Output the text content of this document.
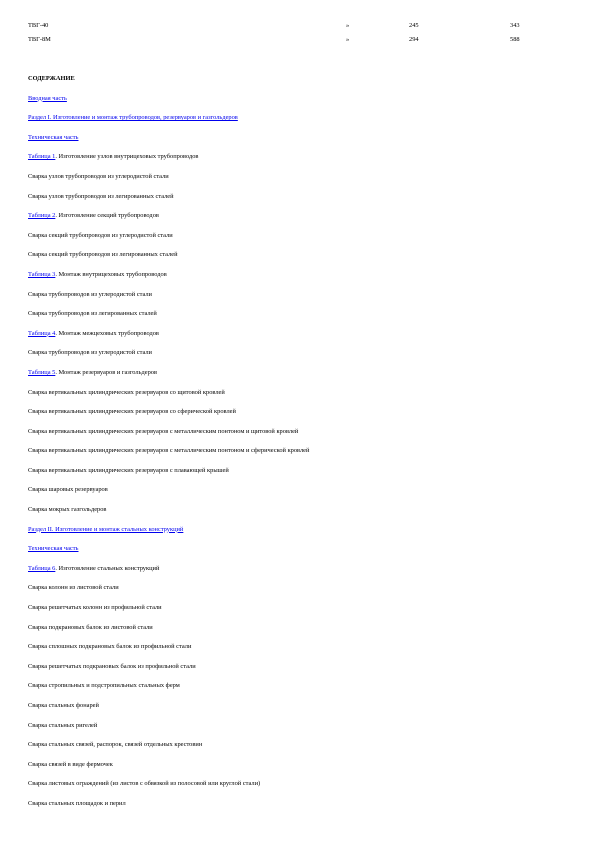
ТВГ-40	»	245	343
ТВГ-8М	»	294	588
СОДЕРЖАНИЕ
Вводная часть
Раздел I. Изготовление и монтаж трубопроводов, резервуаров и газгольдеров
Техническая часть
Таблица 1. Изготовление узлов внутрицеховых трубопроводов
Сварка узлов трубопроводов из углеродистой стали
Сварка узлов трубопроводов из легированных сталей
Таблица 2. Изготовление секций трубопроводов
Сварка секций трубопроводов из углеродистой стали
Сварка секций трубопроводов из легированных сталей
Таблица 3. Монтаж внутрицеховых трубопроводов
Сварка трубопроводов из углеродистой стали
Сварка трубопроводов из легированных сталей
Таблица 4. Монтаж межцеховых трубопроводов
Сварка трубопроводов из углеродистой стали
Таблица 5. Монтаж резервуаров и газгольдеров
Сварка вертикальных цилиндрических резервуаров со щитовой кровлей
Сварка вертикальных цилиндрических резервуаров со сферической кровлей
Сварка вертикальных цилиндрических резервуаров с металлическим понтоном и щитовой кровлей
Сварка вертикальных цилиндрических резервуаров с металлическим понтоном и сферической кровлей
Сварка вертикальных цилиндрических резервуаров с плавающей крышей
Сварка шаровых резервуаров
Сварка мокрых газгольдеров
Раздел II. Изготовление и монтаж стальных конструкций
Техническая часть
Таблица 6. Изготовление стальных конструкций
Сварка колонн из листовой стали
Сварка решетчатых колонн из профильной стали
Сварка подкрановых балок из листовой стали
Сварка сплошных подкрановых балок из профильной стали
Сварка решетчатых подкрановых балок из профильной стали
Сварка стропильных и подстропильных стальных ферм
Сварка стальных фонарей
Сварка стальных ригелей
Сварка стальных связей, распорок, связей отдельных крестовин
Сварка связей в виде фермочек
Сварка листовых ограждений (из листов с обвязкой из полосовой или круглой стали)
Сварка стальных площадок и перил
